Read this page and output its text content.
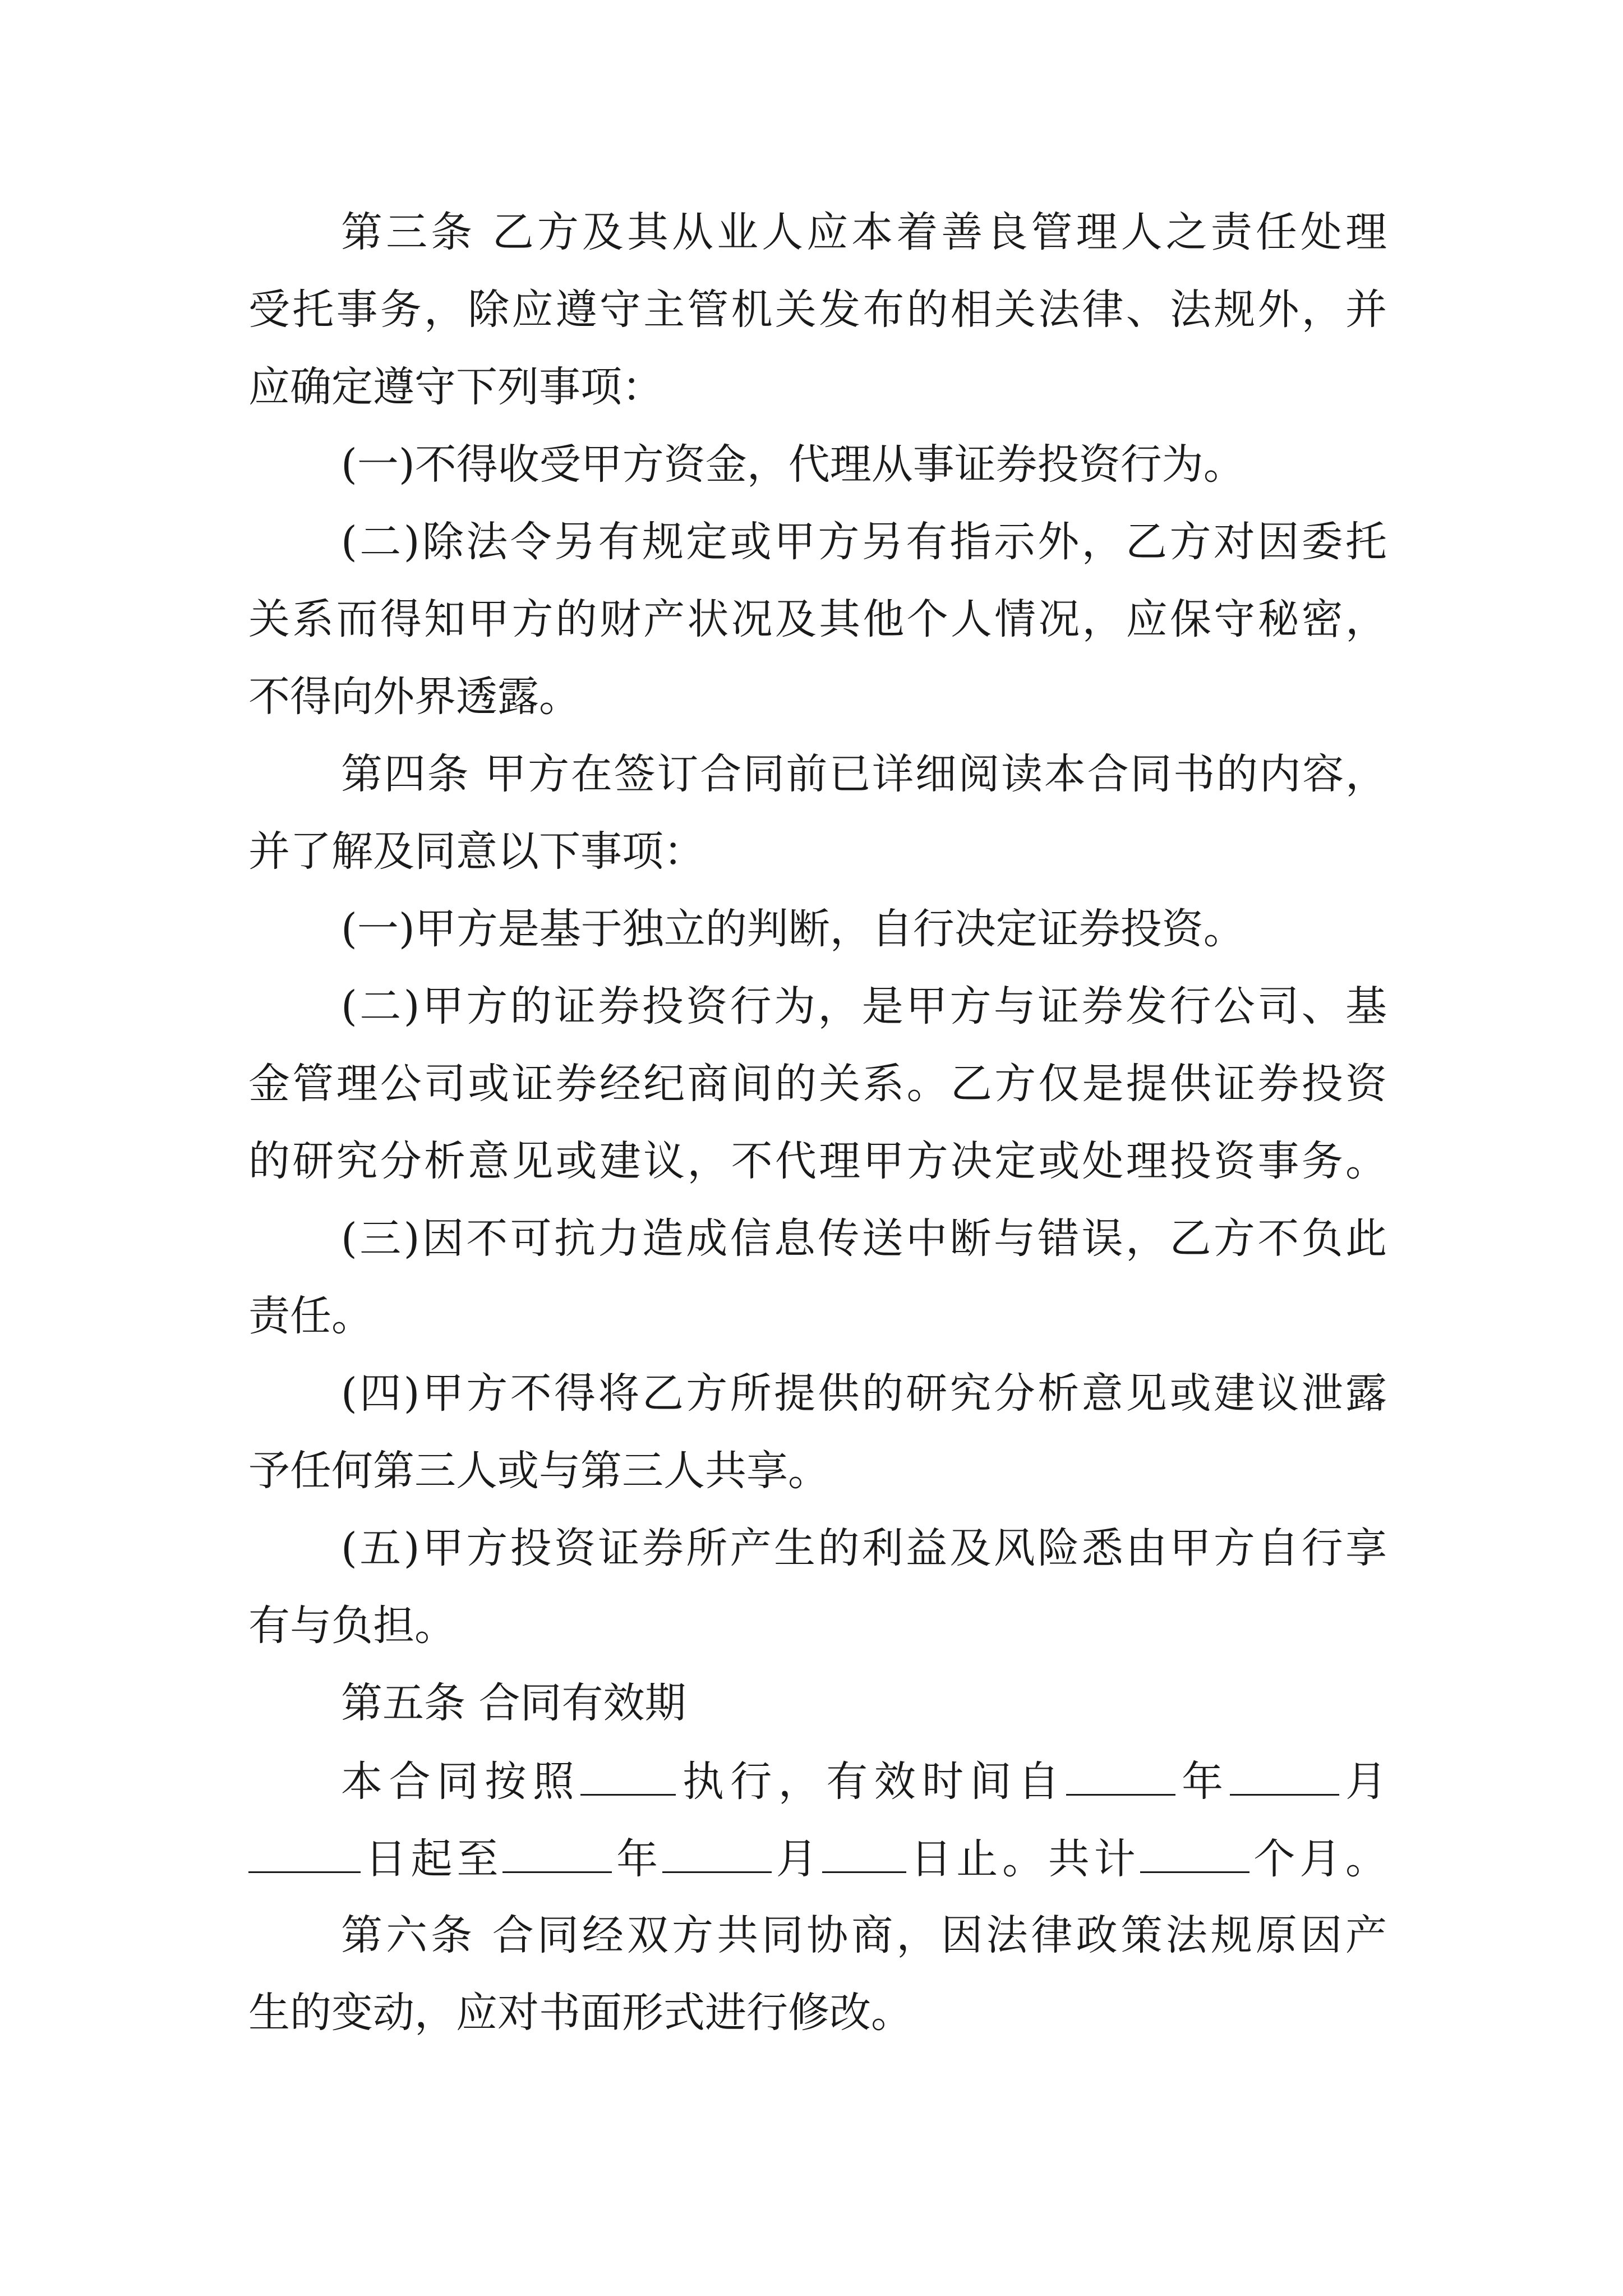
第三条 乙方及其从业人应本着善良管理人之责任处理
受托事务，除应遵守主管机关发布的相关法律、法规外，并
应确定遵守下列事项：
(一)不得收受甲方资金，代理从事证券投资行为。
(二)除法令另有规定或甲方另有指示外，乙方对因委托
关系而得知甲方的财产状况及其他个人情况，应保守秘密，
不得向外界透露。
第四条 甲方在签订合同前已详细阅读本合同书的内容，
并了解及同意以下事项：
(一)甲方是基于独立的判断，自行决定证券投资。
(二)甲方的证券投资行为，是甲方与证券发行公司、基
金管理公司或证券经纪商间的关系。乙方仅是提供证券投资
的研究分析意见或建议，不代理甲方决定或处理投资事务。
(三)因不可抗力造成信息传送中断与错误，乙方不负此
责任。
(四)甲方不得将乙方所提供的研究分析意见或建议泄露
予任何第三人或与第三人共享。
(五)甲方投资证券所产生的利益及风险悉由甲方自行享
有与负担。
第五条 合同有效期
本合同按照 执行，有效时间自	年	月
日起至	年	月 日止。共计	个月。
第六条 合同经双方共同协商，因法律政策法规原因产
生的变动，应对书面形式进行修改。
